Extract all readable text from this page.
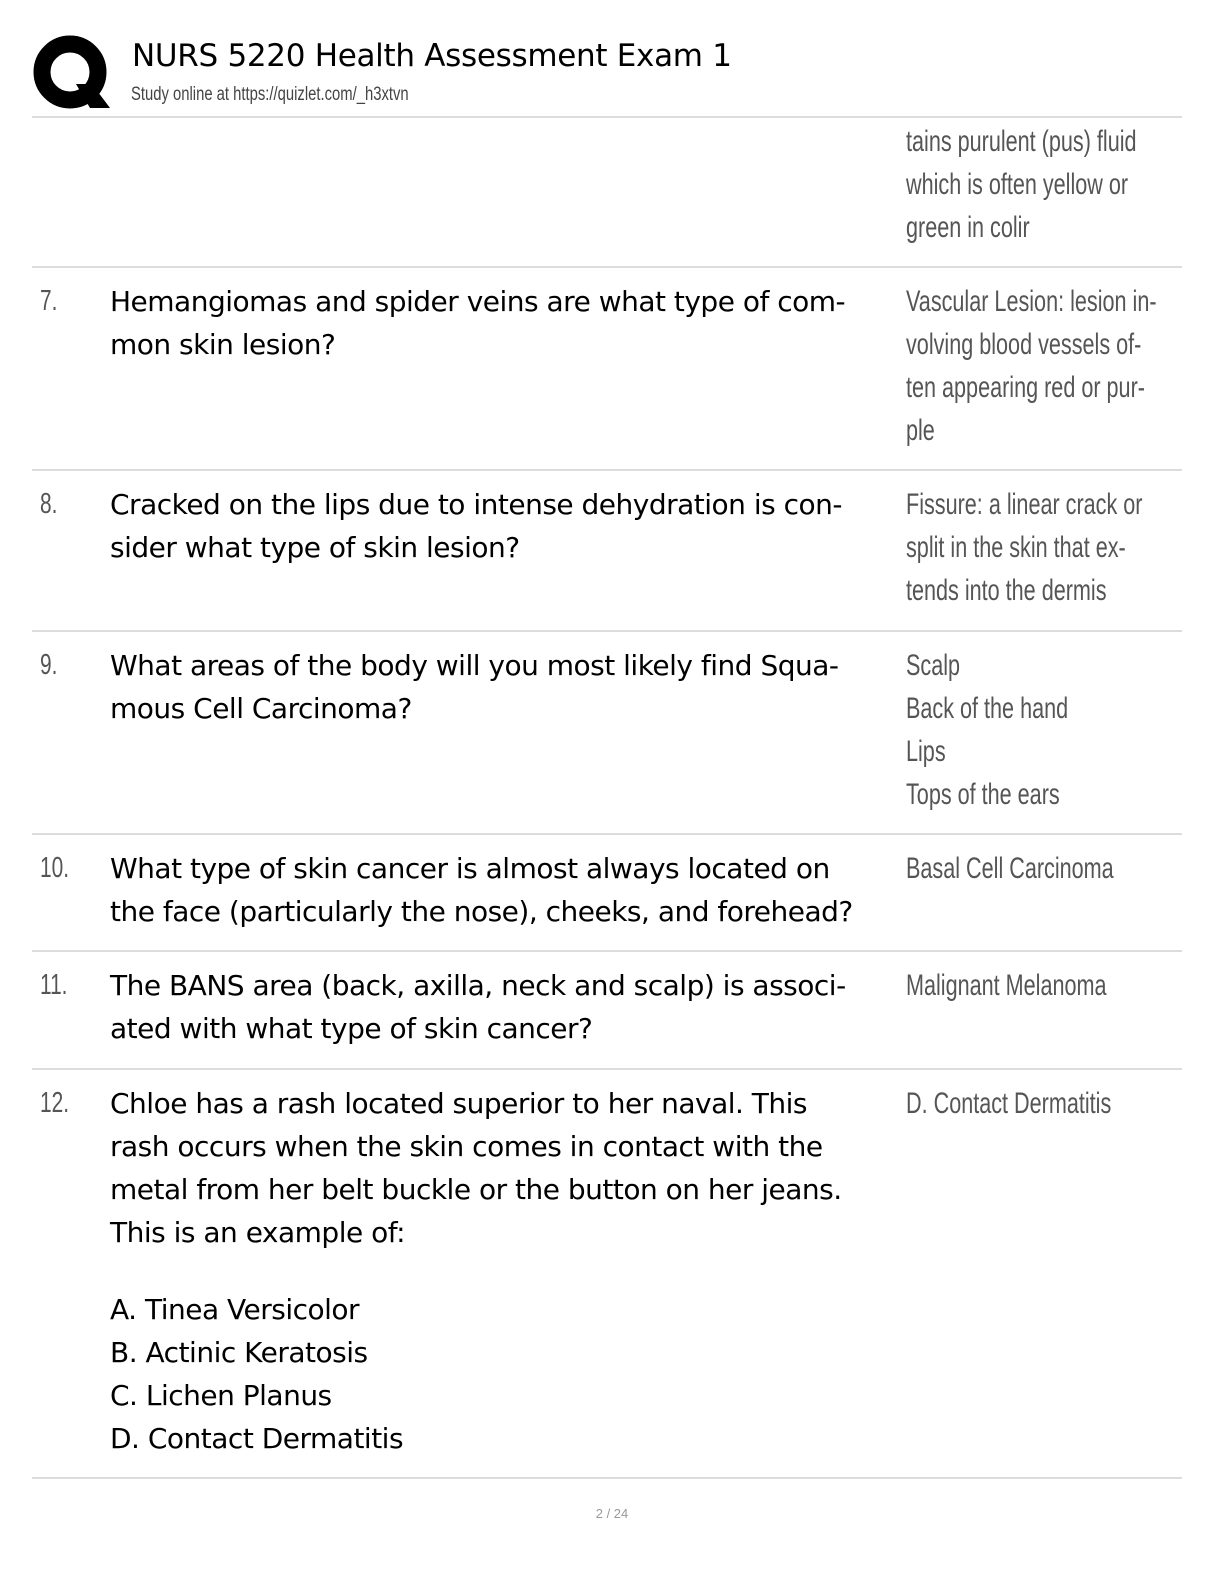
NURS 5220 Health Assessment Exam 1
Study online at https://quizlet.com/_h3xtvn
tains purulent (pus) fluid
which is often yellow or
green in colir
7. Hemangiomas and spider veins are what type of com-
mon skin lesion?
Vascular Lesion: lesion in-
volving blood vessels of-
ten appearing red or pur-
ple
8. Cracked on the lips due to intense dehydration is con-
sider what type of skin lesion?
Fissure: a linear crack or
split in the skin that ex-
tends into the dermis
9. What areas of the body will you most likely find Squa-
mous Cell Carcinoma?
Scalp
Back of the hand
Lips
Tops of the ears
10. What type of skin cancer is almost always located on
the face (particularly the nose), cheeks, and forehead?
Basal Cell Carcinoma
11. The BANS area (back, axilla, neck and scalp) is associ-
ated with what type of skin cancer?
Malignant Melanoma
12. Chloe has a rash located superior to her naval. This
rash occurs when the skin comes in contact with the
metal from her belt buckle or the button on her jeans.
This is an example of:
A. Tinea Versicolor
B. Actinic Keratosis
C. Lichen Planus
D. Contact Dermatitis
D. Contact Dermatitis
2 / 24
